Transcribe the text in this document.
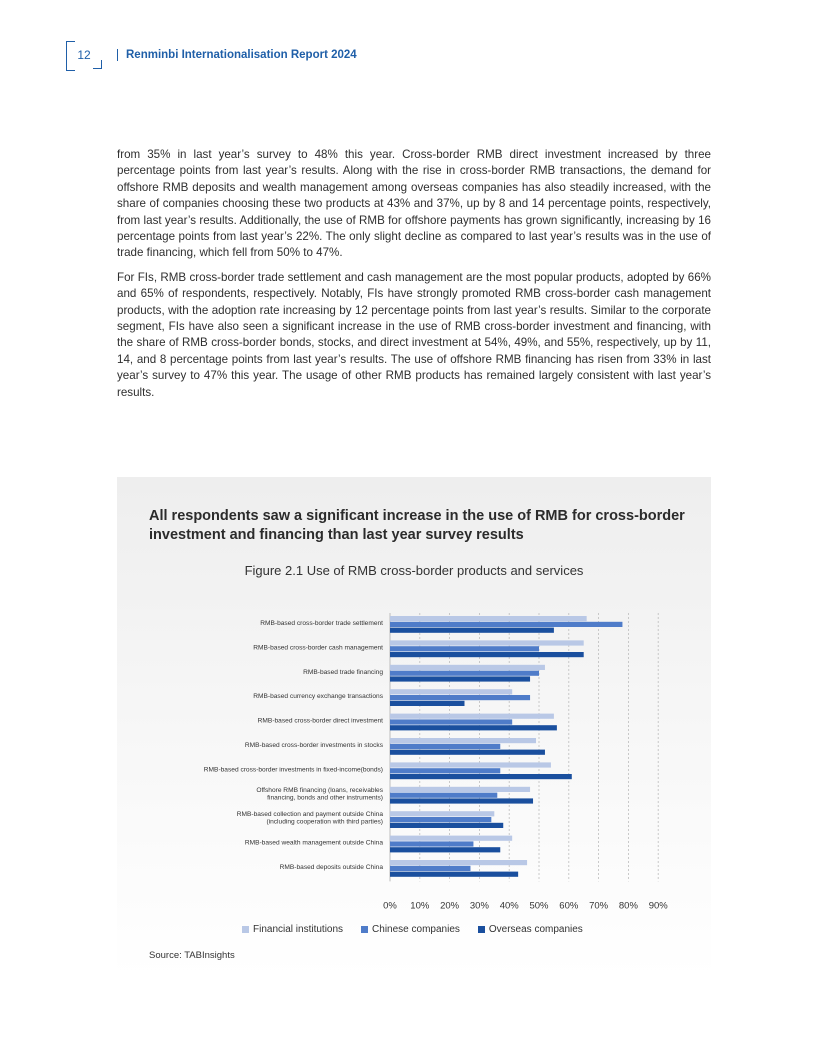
12	Renminbi Internationalisation Report 2024

from 35% in last year’s survey to 48% this year. Cross-border RMB direct investment increased by three percentage points from last year’s results. Along with the rise in cross-border RMB transactions, the demand for offshore RMB deposits and wealth management among overseas companies has also steadily increased, with the share of companies choosing these two products at 43% and 37%, up by 8 and 14 percentage points, respectively, from last year’s results. Additionally, the use of RMB for offshore payments has grown significantly, increasing by 16 percentage points from last year’s 22%. The only slight decline as compared to last year’s results was in the use of trade financing, which fell from 50% to 47%.

For FIs, RMB cross-border trade settlement and cash management are the most popular products, adopted by 66% and 65% of respondents, respectively. Notably, FIs have strongly promoted RMB cross-border cash management products, with the adoption rate increasing by 12 percentage points from last year’s results. Similar to the corporate segment, FIs have also seen a significant increase in the use of RMB cross-border investment and financing, with the share of RMB cross-border bonds, stocks, and direct investment at 54%, 49%, and 55%, respectively, up by 11, 14, and 8 percentage points from last year’s results. The use of offshore RMB financing has risen from 33% in last year’s survey to 47% this year. The usage of other RMB products has remained largely consistent with last year’s results.

All respondents saw a significant increase in the use of RMB for cross-border investment and financing than last year survey results
Figure 2.1 Use of RMB cross-border products and services
RMB-based cross-border trade settlement
RMB-based cross-border cash management
RMB-based trade financing
RMB-based currency exchange transactions
RMB-based cross-border direct investment
RMB-based cross-border investments in stocks
RMB-based cross-border investments in fixed-income(bonds)
Offshore RMB financing (loans, receivables financing, bonds and other instruments)
RMB-based collection and payment outside China (including cooperation with third parties)
RMB-based wealth management outside China
RMB-based deposits outside China
0% 10% 20% 30% 40% 50% 60% 70% 80% 90%
Financial institutions	Chinese companies	Overseas companies
Source: TABInsights
